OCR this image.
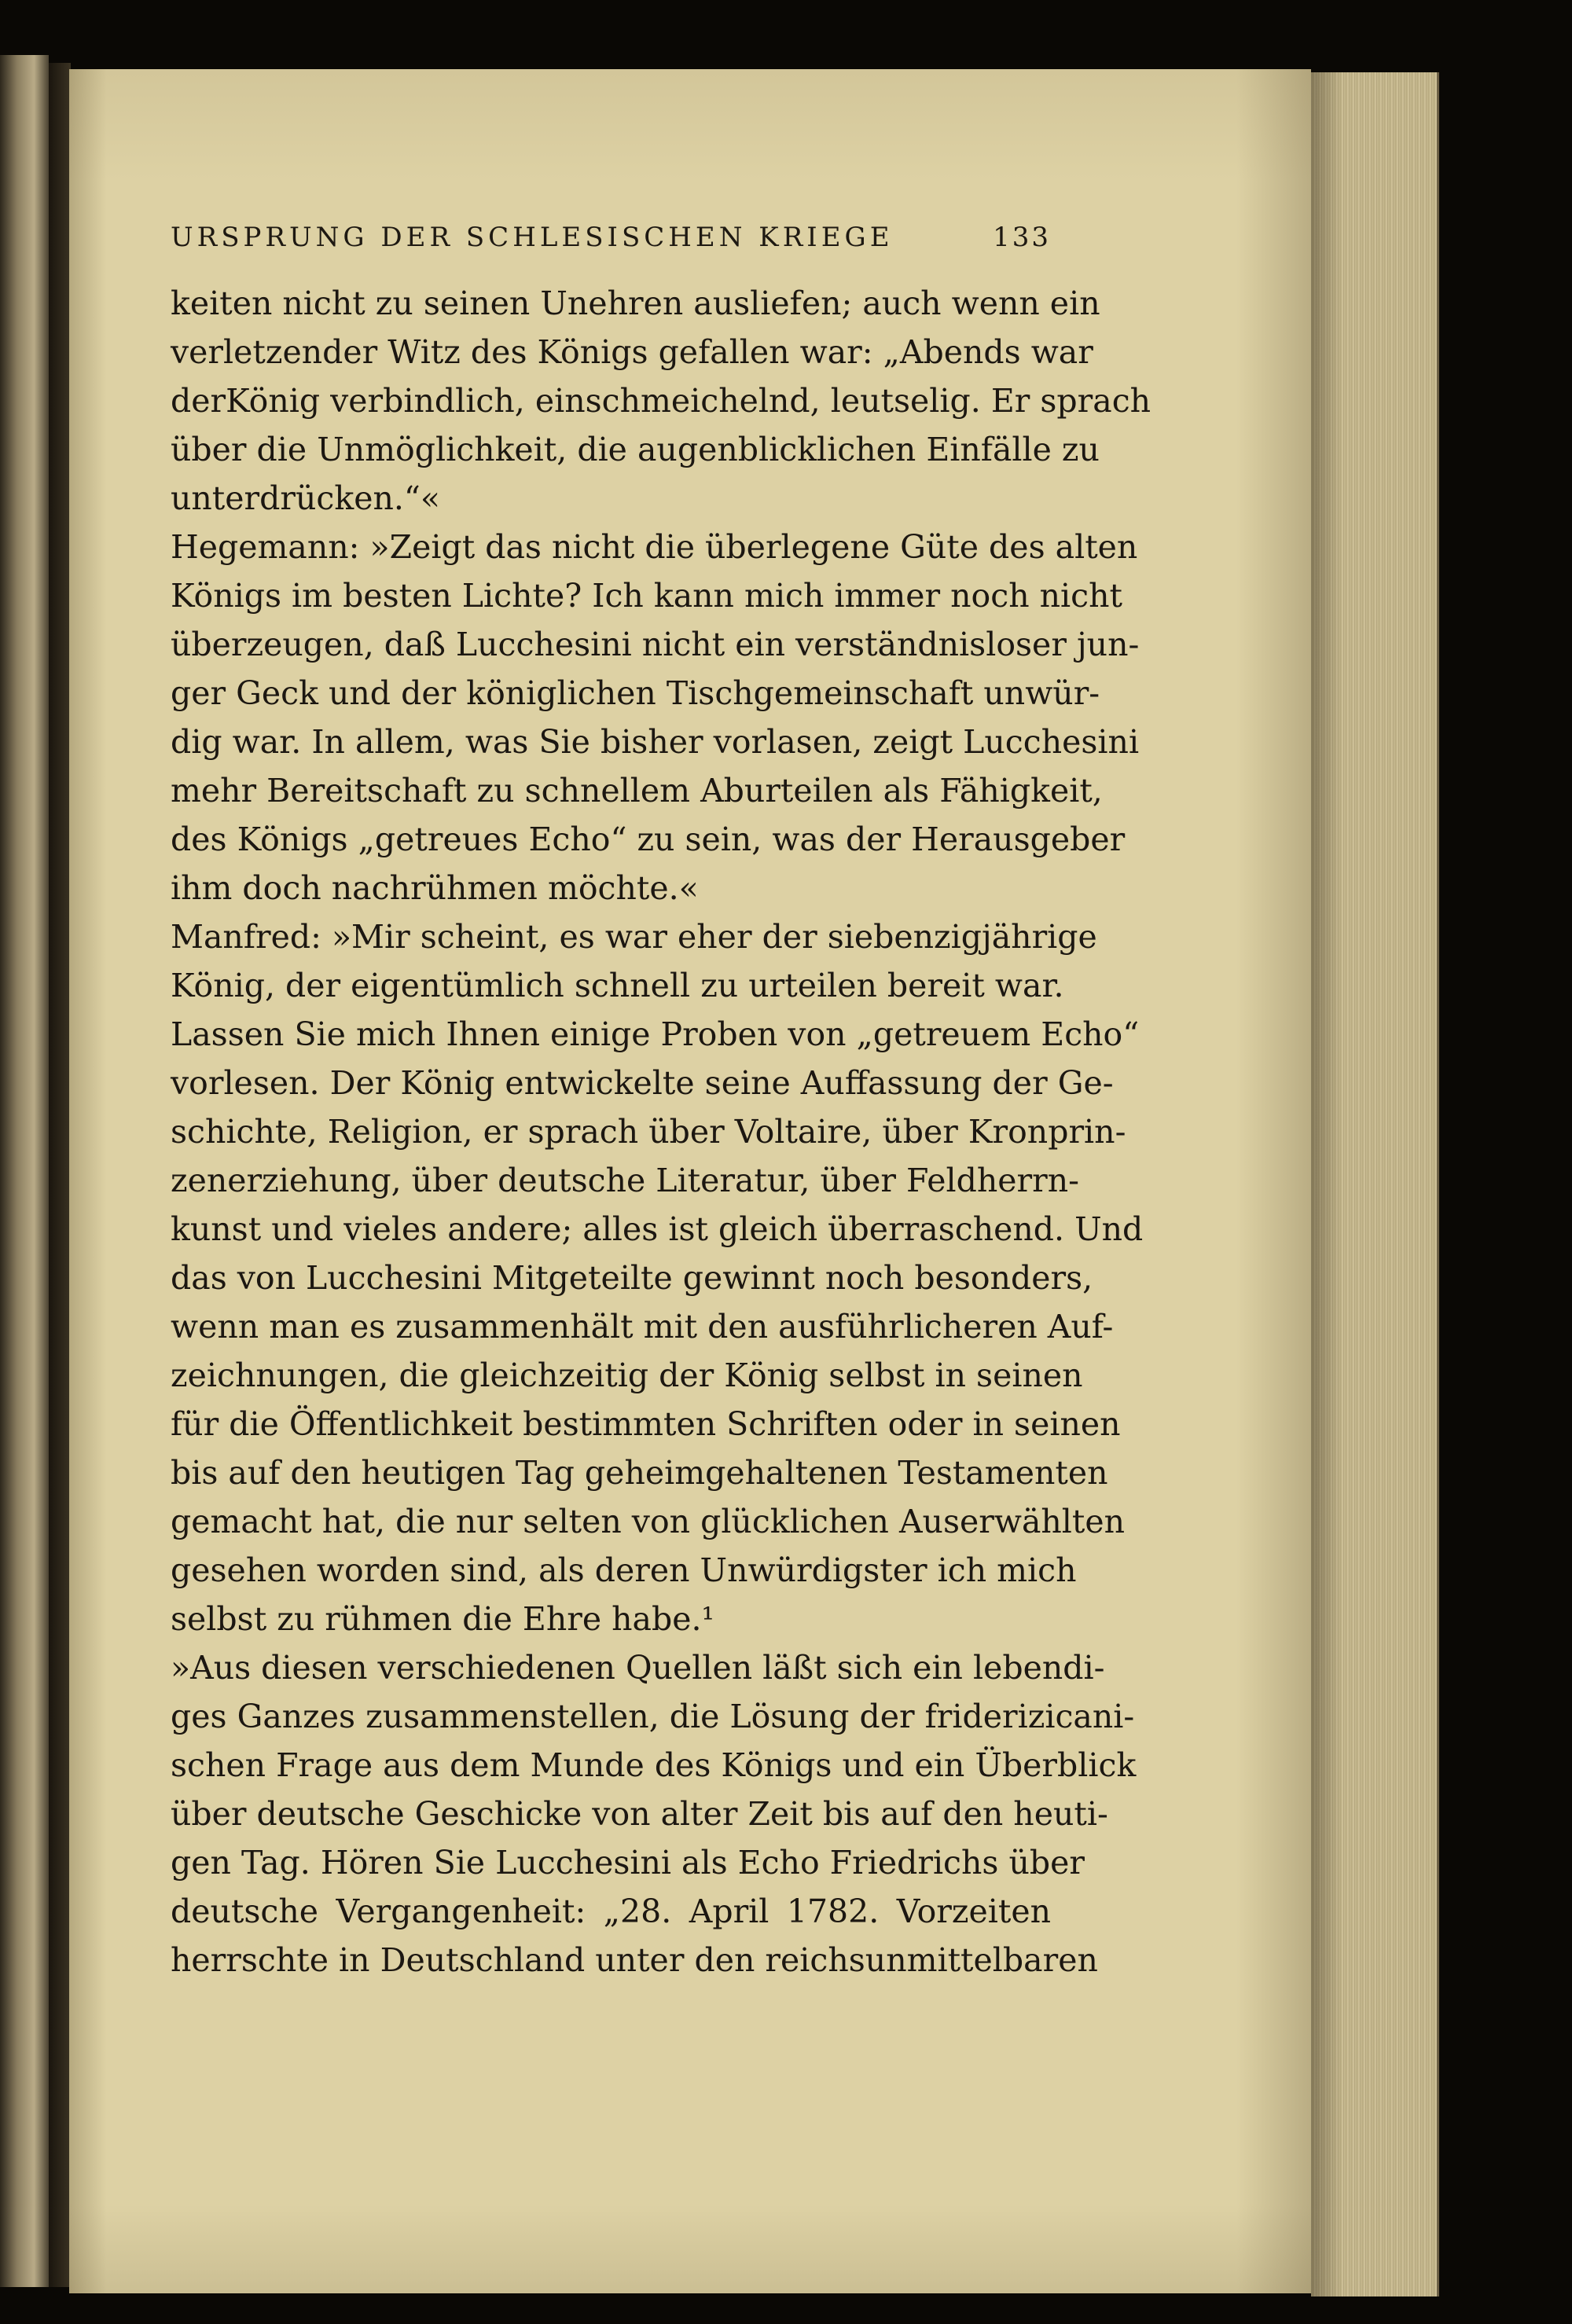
URSPRUNG DER SCHLESISCHEN KRIEGE	133
keiten nicht zu seinen Unehren ausliefen; auch wenn ein
verletzender Witz des Königs gefallen war: „Abends war
derKönig verbindlich, einschmeichelnd, leutselig. Er sprach
über die Unmöglichkeit, die augenblicklichen Einfälle zu
unterdrücken.“«
Hegemann: »Zeigt das nicht die überlegene Güte des alten
Königs im besten Lichte? Ich kann mich immer noch nicht
überzeugen, daß Lucchesini nicht ein verständnisloser jun-
ger Geck und der königlichen Tischgemeinschaft unwür-
dig war. In allem, was Sie bisher vorlasen, zeigt Lucchesini
mehr Bereitschaft zu schnellem Aburteilen als Fähigkeit,
des Königs „getreues Echo“ zu sein, was der Herausgeber
ihm doch nachrühmen möchte.«
Manfred: »Mir scheint, es war eher der siebenzigjährige
König, der eigentümlich schnell zu urteilen bereit war.
Lassen Sie mich Ihnen einige Proben von „getreuem Echo“
vorlesen. Der König entwickelte seine Auffassung der Ge-
schichte, Religion, er sprach über Voltaire, über Kronprin-
zenerziehung, über deutsche Literatur, über Feldherrn-
kunst und vieles andere; alles ist gleich überraschend. Und
das von Lucchesini Mitgeteilte gewinnt noch besonders,
wenn man es zusammenhält mit den ausführlicheren Auf-
zeichnungen, die gleichzeitig der König selbst in seinen
für die Öffentlichkeit bestimmten Schriften oder in seinen
bis auf den heutigen Tag geheimgehaltenen Testamenten
gemacht hat, die nur selten von glücklichen Auserwählten
gesehen worden sind, als deren Unwürdigster ich mich
selbst zu rühmen die Ehre habe.¹
»Aus diesen verschiedenen Quellen läßt sich ein lebendi-
ges Ganzes zusammenstellen, die Lösung der friderizicani-
schen Frage aus dem Munde des Königs und ein Überblick
über deutsche Geschicke von alter Zeit bis auf den heuti-
gen Tag. Hören Sie Lucchesini als Echo Friedrichs über
deutsche Vergangenheit: „28. April 1782. Vorzeiten
herrschte in Deutschland unter den reichsunmittelbaren
